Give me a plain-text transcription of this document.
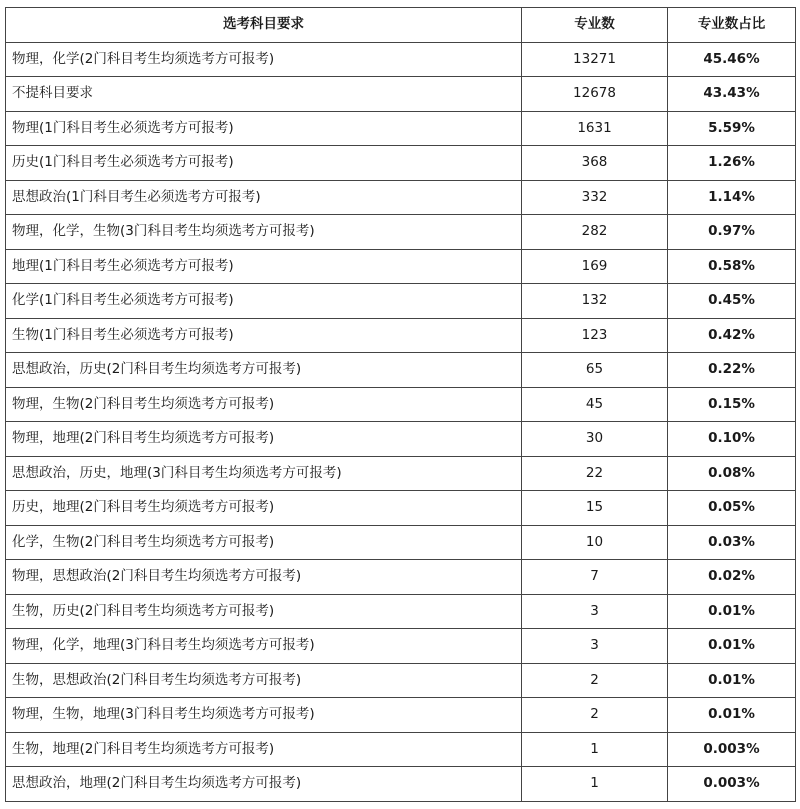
选考科目要求	专业数	专业数占比
物理，化学(2门科目考生均须选考方可报考)	13271	45.46%
不提科目要求	12678	43.43%
物理(1门科目考生必须选考方可报考)	1631	5.59%
历史(1门科目考生必须选考方可报考)	368	1.26%
思想政治(1门科目考生必须选考方可报考)	332	1.14%
物理，化学，生物(3门科目考生均须选考方可报考)	282	0.97%
地理(1门科目考生必须选考方可报考)	169	0.58%
化学(1门科目考生必须选考方可报考)	132	0.45%
生物(1门科目考生必须选考方可报考)	123	0.42%
思想政治，历史(2门科目考生均须选考方可报考)	65	0.22%
物理，生物(2门科目考生均须选考方可报考)	45	0.15%
物理，地理(2门科目考生均须选考方可报考)	30	0.10%
思想政治，历史，地理(3门科目考生均须选考方可报考)	22	0.08%
历史，地理(2门科目考生均须选考方可报考)	15	0.05%
化学，生物(2门科目考生均须选考方可报考)	10	0.03%
物理，思想政治(2门科目考生均须选考方可报考)	7	0.02%
生物，历史(2门科目考生均须选考方可报考)	3	0.01%
物理，化学，地理(3门科目考生均须选考方可报考)	3	0.01%
生物，思想政治(2门科目考生均须选考方可报考)	2	0.01%
物理，生物，地理(3门科目考生均须选考方可报考)	2	0.01%
生物，地理(2门科目考生均须选考方可报考)	1	0.003%
思想政治，地理(2门科目考生均须选考方可报考)	1	0.003%
